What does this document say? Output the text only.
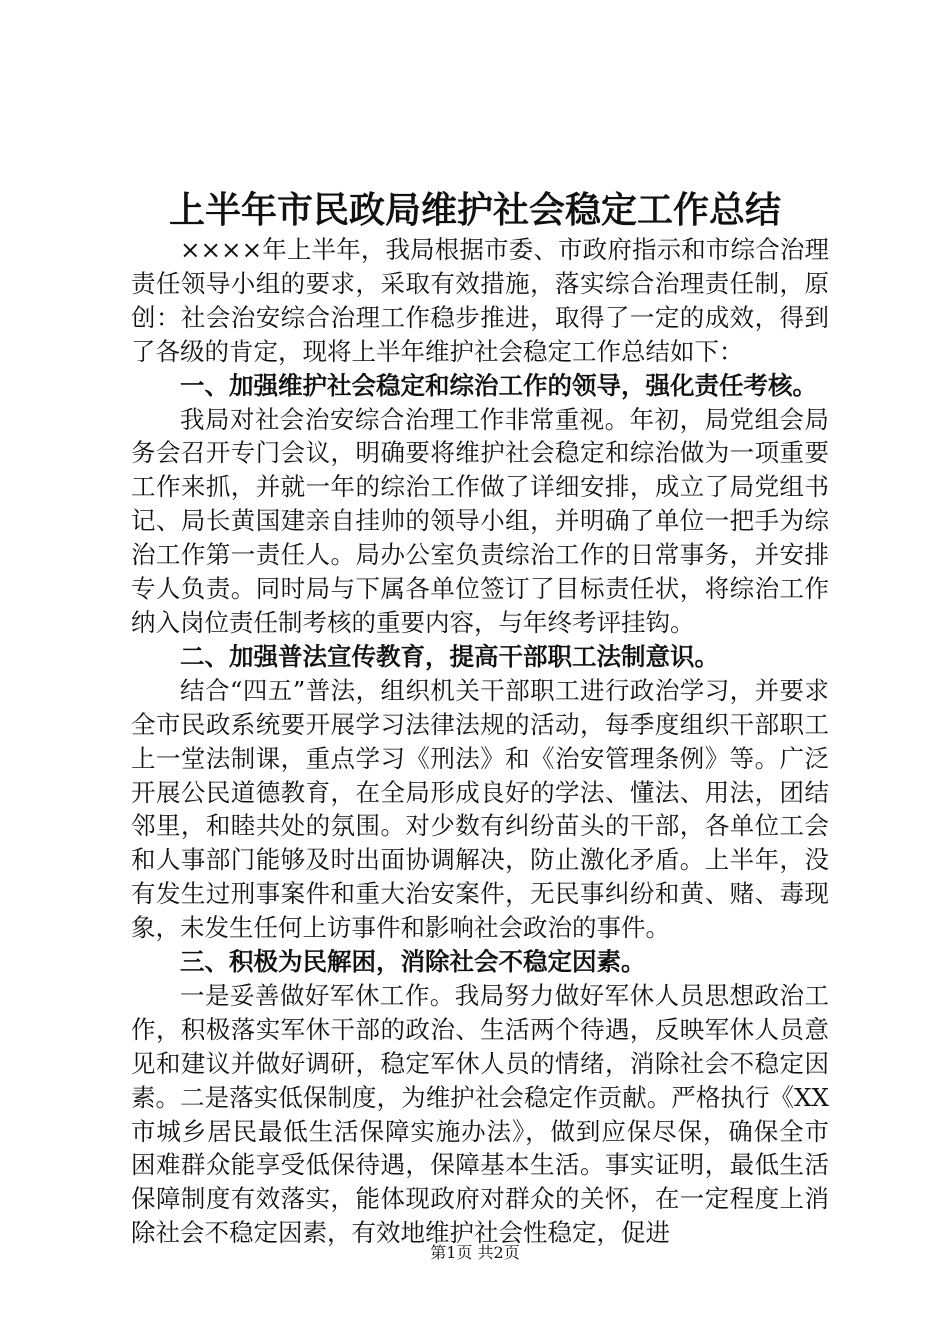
上半年市民政局维护社会稳定工作总结

××××年上半年，我局根据市委、市政府指示和市综合治理责任领导小组的要求，采取有效措施，落实综合治理责任制，原创：社会治安综合治理工作稳步推进，取得了一定的成效，得到了各级的肯定，现将上半年维护社会稳定工作总结如下：

一、加强维护社会稳定和综治工作的领导，强化责任考核。

我局对社会治安综合治理工作非常重视。年初，局党组会局务会召开专门会议，明确要将维护社会稳定和综治做为一项重要工作来抓，并就一年的综治工作做了详细安排，成立了局党组书记、局长黄国建亲自挂帅的领导小组，并明确了单位一把手为综治工作第一责任人。局办公室负责综治工作的日常事务，并安排专人负责。同时局与下属各单位签订了目标责任状，将综治工作纳入岗位责任制考核的重要内容，与年终考评挂钩。

二、加强普法宣传教育，提高干部职工法制意识。

结合“四五”普法，组织机关干部职工进行政治学习，并要求全市民政系统要开展学习法律法规的活动，每季度组织干部职工上一堂法制课，重点学习《刑法》和《治安管理条例》等。广泛开展公民道德教育，在全局形成良好的学法、懂法、用法，团结邻里，和睦共处的氛围。对少数有纠纷苗头的干部，各单位工会和人事部门能够及时出面协调解决，防止激化矛盾。上半年，没有发生过刑事案件和重大治安案件，无民事纠纷和黄、赌、毒现象，未发生任何上访事件和影响社会政治的事件。

三、积极为民解困，消除社会不稳定因素。

一是妥善做好军休工作。我局努力做好军休人员思想政治工作，积极落实军休干部的政治、生活两个待遇，反映军休人员意见和建议并做好调研，稳定军休人员的情绪，消除社会不稳定因素。二是落实低保制度，为维护社会稳定作贡献。严格执行《XX市城乡居民最低生活保障实施办法》，做到应保尽保，确保全市困难群众能享受低保待遇，保障基本生活。事实证明，最低生活保障制度有效落实，能体现政府对群众的关怀，在一定程度上消除社会不稳定因素，有效地维护社会性稳定，促进

第1页 共2页
